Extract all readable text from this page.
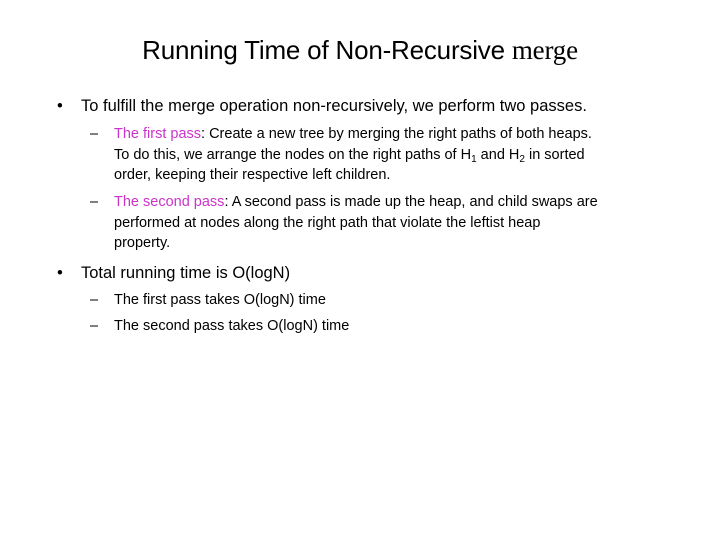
Running Time of Non-Recursive merge
• To fulfill the merge operation non-recursively, we perform two passes.
– The first pass: Create a new tree by merging the right paths of both heaps.
To do this, we arrange the nodes on the right paths of $H_1$ and $H_2$ in sorted
order, keeping their respective left children.
– The second pass: A second pass is made up the heap, and child swaps are
performed at nodes along the right path that violate the leftist heap
property.
• Total running time is O(logN)
– The first pass takes O(logN) time
– The second pass takes O(logN) time
